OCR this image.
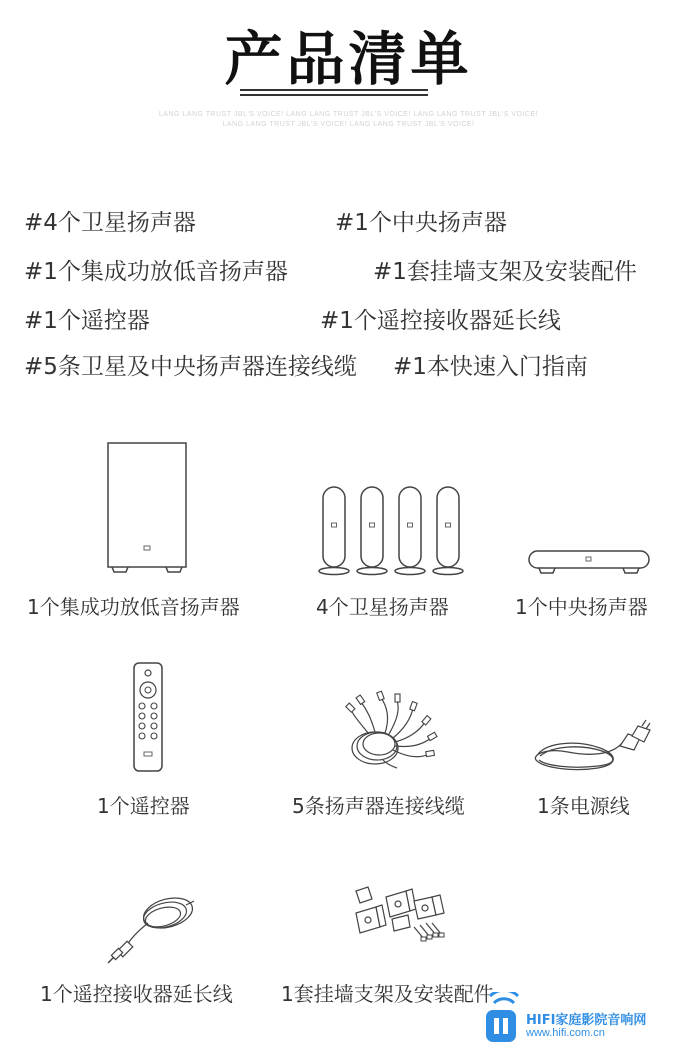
产品清单
LANG LANG TRUST JBL'S VOICE! LANG LANG TRUST JBL'S VOICE! LANG LANG TRUST JBL'S VOICE!
LANG LANG TRUST JBL'S VOICE! LANG LANG TRUST JBL'S VOICE!
#4个卫星扬声器	#1个中央扬声器
#1个集成功放低音扬声器	#1套挂墙支架及安装配件
#1个遥控器	#1个遥控接收器延长线
#5条卫星及中央扬声器连接线缆 #1本快速入门指南
1个集成功放低音扬声器	4个卫星扬声器	1个中央扬声器
1个遥控器	5条扬声器连接线缆	1条电源线
1个遥控接收器延长线 1套挂墙支架及安装配件
HIFI家庭影院音响网
www.hifi.com.cn
